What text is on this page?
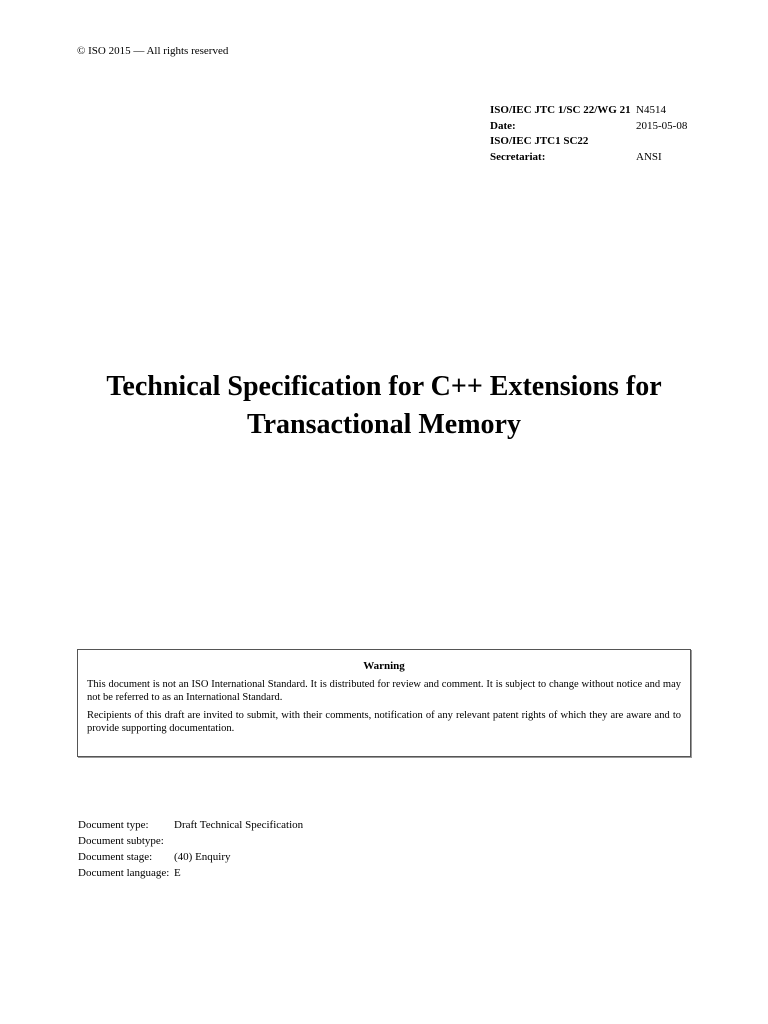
© ISO 2015 — All rights reserved
ISO/IEC JTC 1/SC 22/WG 21 N4514
Date:	2015-05-08
ISO/IEC JTC1 SC22
Secretariat:	ANSI
Technical Specification for C++ Extensions for
Transactional Memory
Warning

This document is not an ISO International Standard. It is distributed for review and comment. It is subject to change without notice and may not be referred to as an International Standard.

Recipients of this draft are invited to submit, with their comments, notification of any relevant patent rights of which they are aware and to provide supporting documentation.

Document type: Draft Technical Specification
Document subtype:
Document stage: (40) Enquiry
Document language: E
